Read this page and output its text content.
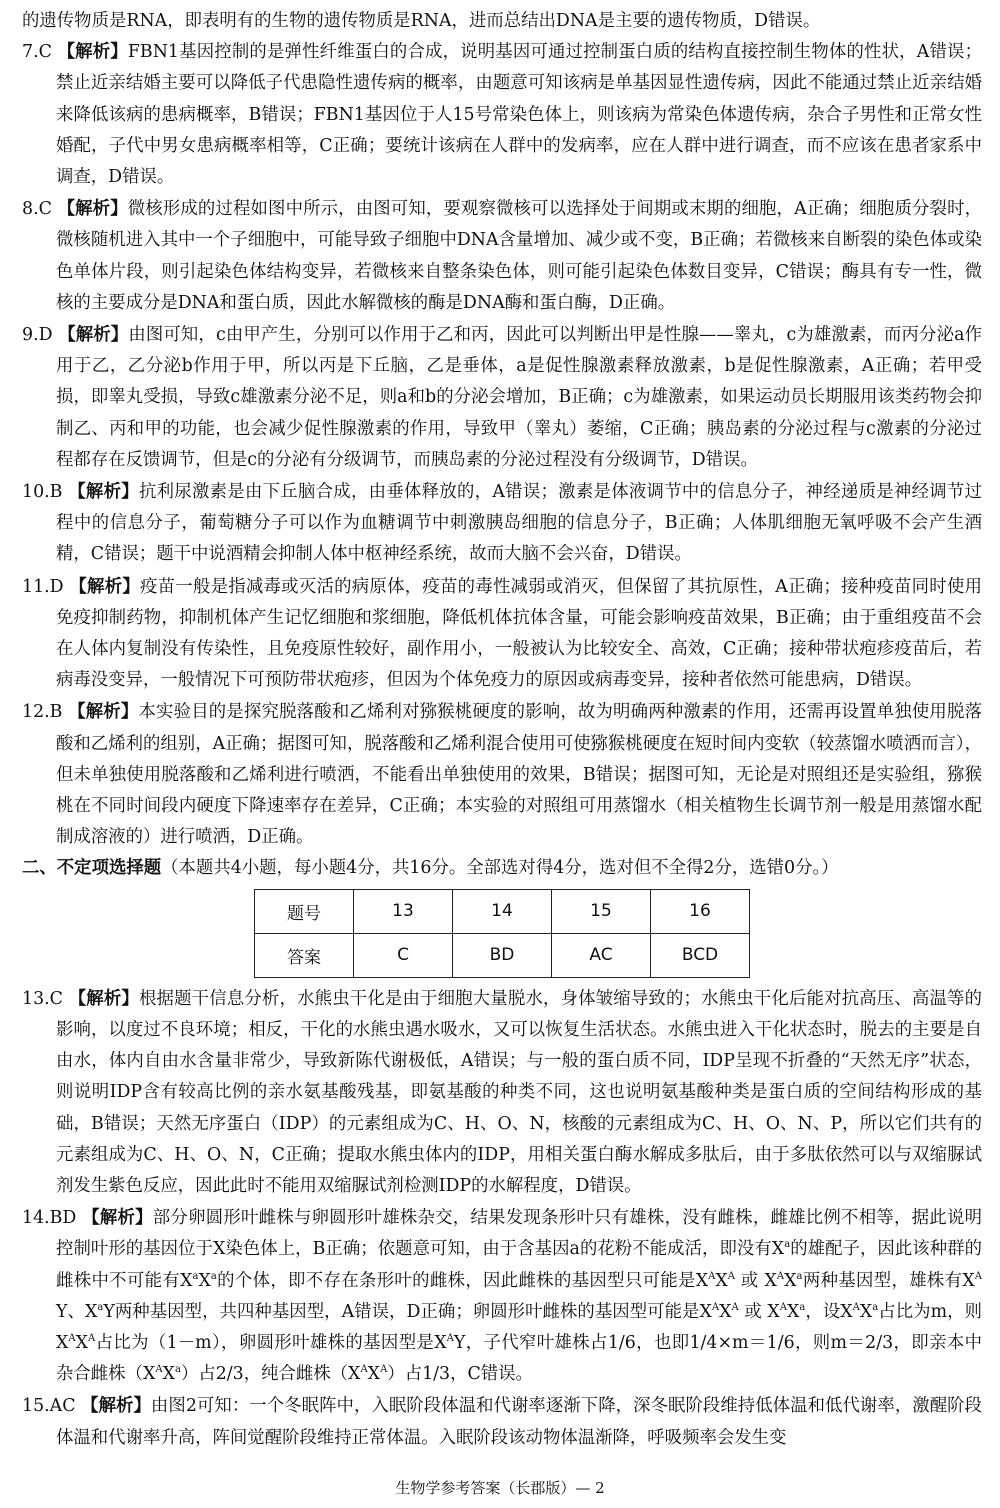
的遗传物质是RNA，即表明有的生物的遗传物质是RNA，进而总结出DNA是主要的遗传物质，D错误。

7.C 【解析】FBN1基因控制的是弹性纤维蛋白的合成，说明基因可通过控制蛋白质的结构直接控制生物体的性状，A错误；禁止近亲结婚主要可以降低子代患隐性遗传病的概率，由题意可知该病是单基因显性遗传病，因此不能通过禁止近亲结婚来降低该病的患病概率，B错误；FBN1基因位于人15号常染色体上，则该病为常染色体遗传病，杂合子男性和正常女性婚配，子代中男女患病概率相等，C正确；要统计该病在人群中的发病率，应在人群中进行调查，而不应该在患者家系中调查，D错误。

8.C 【解析】微核形成的过程如图中所示，由图可知，要观察微核可以选择处于间期或末期的细胞，A正确；细胞质分裂时，微核随机进入其中一个子细胞中，可能导致子细胞中DNA含量增加、减少或不变，B正确；若微核来自断裂的染色体或染色单体片段，则引起染色体结构变异，若微核来自整条染色体，则可能引起染色体数目变异，C错误；酶具有专一性，微核的主要成分是DNA和蛋白质，因此水解微核的酶是DNA酶和蛋白酶，D正确。

9.D 【解析】由图可知，c由甲产生，分别可以作用于乙和丙，因此可以判断出甲是性腺——睾丸，c为雄激素，而丙分泌a作用于乙，乙分泌b作用于甲，所以丙是下丘脑，乙是垂体，a是促性腺激素释放激素，b是促性腺激素，A正确；若甲受损，即睾丸受损，导致c雄激素分泌不足，则a和b的分泌会增加，B正确；c为雄激素，如果运动员长期服用该类药物会抑制乙、丙和甲的功能，也会减少促性腺激素的作用，导致甲（睾丸）萎缩，C正确；胰岛素的分泌过程与c激素的分泌过程都存在反馈调节，但是c的分泌有分级调节，而胰岛素的分泌过程没有分级调节，D错误。

10.B 【解析】抗利尿激素是由下丘脑合成，由垂体释放的，A错误；激素是体液调节中的信息分子，神经递质是神经调节过程中的信息分子，葡萄糖分子可以作为血糖调节中刺激胰岛细胞的信息分子，B正确；人体肌细胞无氧呼吸不会产生酒精，C错误；题干中说酒精会抑制人体中枢神经系统，故而大脑不会兴奋，D错误。

11.D 【解析】疫苗一般是指减毒或灭活的病原体，疫苗的毒性减弱或消灭，但保留了其抗原性，A正确；接种疫苗同时使用免疫抑制药物，抑制机体产生记忆细胞和浆细胞，降低机体抗体含量，可能会影响疫苗效果，B正确；由于重组疫苗不会在人体内复制没有传染性，且免疫原性较好，副作用小，一般被认为比较安全、高效，C正确；接种带状疱疹疫苗后，若病毒没变异，一般情况下可预防带状疱疹，但因为个体免疫力的原因或病毒变异，接种者依然可能患病，D错误。

12.B 【解析】本实验目的是探究脱落酸和乙烯利对猕猴桃硬度的影响，故为明确两种激素的作用，还需再设置单独使用脱落酸和乙烯利的组别，A正确；据图可知，脱落酸和乙烯利混合使用可使猕猴桃硬度在短时间内变软（较蒸馏水喷洒而言），但未单独使用脱落酸和乙烯利进行喷洒，不能看出单独使用的效果，B错误；据图可知，无论是对照组还是实验组，猕猴桃在不同时间段内硬度下降速率存在差异，C正确；本实验的对照组可用蒸馏水（相关植物生长调节剂一般是用蒸馏水配制成溶液的）进行喷洒，D正确。

二、不定项选择题（本题共4小题，每小题4分，共16分。全部选对得4分，选对但不全得2分，选错0分。）

题号	13	14	15	16
答案	C	BD	AC	BCD

13.C 【解析】根据题干信息分析，水熊虫干化是由于细胞大量脱水，身体皱缩导致的；水熊虫干化后能对抗高压、高温等的影响，以度过不良环境；相反，干化的水熊虫遇水吸水，又可以恢复生活状态。水熊虫进入干化状态时，脱去的主要是自由水，体内自由水含量非常少，导致新陈代谢极低，A错误；与一般的蛋白质不同，IDP呈现不折叠的“天然无序”状态，则说明IDP含有较高比例的亲水氨基酸残基，即氨基酸的种类不同，这也说明氨基酸种类是蛋白质的空间结构形成的基础，B错误；天然无序蛋白（IDP）的元素组成为C、H、O、N，核酸的元素组成为C、H、O、N、P，所以它们共有的元素组成为C、H、O、N，C正确；提取水熊虫体内的IDP，用相关蛋白酶水解成多肽后，由于多肽依然可以与双缩脲试剂发生紫色反应，因此此时不能用双缩脲试剂检测IDP的水解程度，D错误。

14.BD 【解析】部分卵圆形叶雌株与卵圆形叶雄株杂交，结果发现条形叶只有雄株，没有雌株，雌雄比例不相等，据此说明控制叶形的基因位于X染色体上，B正确；依题意可知，由于含基因a的花粉不能成活，即没有$X^a$的雄配子，因此该种群的雌株中不可能有$X^aX^a$的个体，即不存在条形叶的雌株，因此雌株的基因型只可能是$X^AX^A$ 或 $X^AX^a$两种基因型，雄株有$X^AY$、$X^aY$两种基因型，共四种基因型，A错误，D正确；卵圆形叶雌株的基因型可能是$X^AX^A$ 或 $X^AX^a$，设$X^AX^a$占比为m，则$X^AX^A$占比为（1－m），卵圆形叶雄株的基因型是$X^AY$，子代窄叶雄株占1/6，也即1/4×m＝1/6，则m＝2/3，即亲本中杂合雌株$(X^AX^a)$占2/3，纯合雌株$(X^AX^A)$占1/3，C错误。

15.AC 【解析】由图2可知：一个冬眠阵中，入眠阶段体温和代谢率逐渐下降，深冬眠阶段维持低体温和低代谢率，激醒阶段体温和代谢率升高，阵间觉醒阶段维持正常体温。入眠阶段该动物体温渐降，呼吸频率会发生变

生物学参考答案（长郡版）— 2
